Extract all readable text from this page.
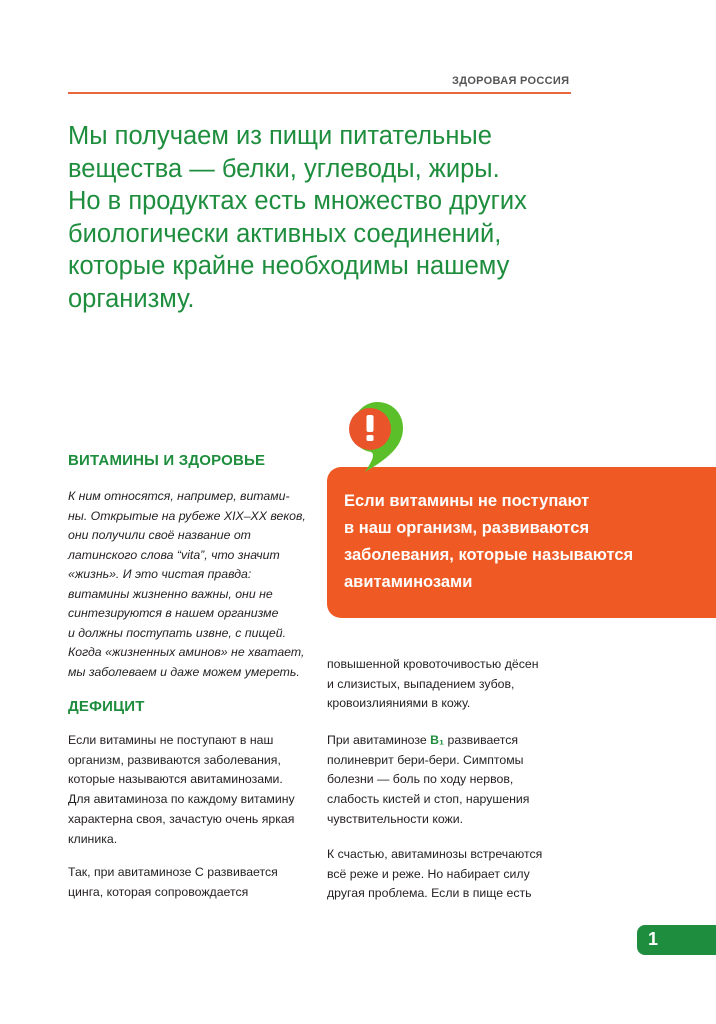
ЗДОРОВАЯ РОССИЯ
Мы получаем из пищи питательные
вещества — белки, углеводы, жиры.
Но в продуктах есть множество других
биологически активных соединений,
которые крайне необходимы нашему
организму.
ВИТАМИНЫ И ЗДОРОВЬЕ
К ним относятся, например, витами-
ны. Открытые на рубеже XIX–XX веков,
они получили своё название от
латинского слова “vita”, что значит
«жизнь». И это чистая правда:
витамины жизненно важны, они не
синтезируются в нашем организме
и должны поступать извне, с пищей.
Когда «жизненных аминов» не хватает,
мы заболеваем и даже можем умереть.
ДЕФИЦИТ
Если витамины не поступают в наш
организм, развиваются заболевания,
которые называются авитаминозами.
Для авитаминоза по каждому витамину
характерна своя, зачастую очень яркая
клиника.
Так, при авитаминозе С развивается
цинга, которая сопровождается
Если витамины не поступают
в наш организм, развиваются
заболевания, которые называются
авитаминозами
повышенной кровоточивостью дёсен
и слизистых, выпадением зубов,
кровоизлияниями в кожу.
При авитаминозе B₁ развивается
полиневрит бери-бери. Симптомы
болезни — боль по ходу нервов,
слабость кистей и стоп, нарушения
чувствительности кожи.
К счастью, авитаминозы встречаются
всё реже и реже. Но набирает силу
другая проблема. Если в пище есть
1
